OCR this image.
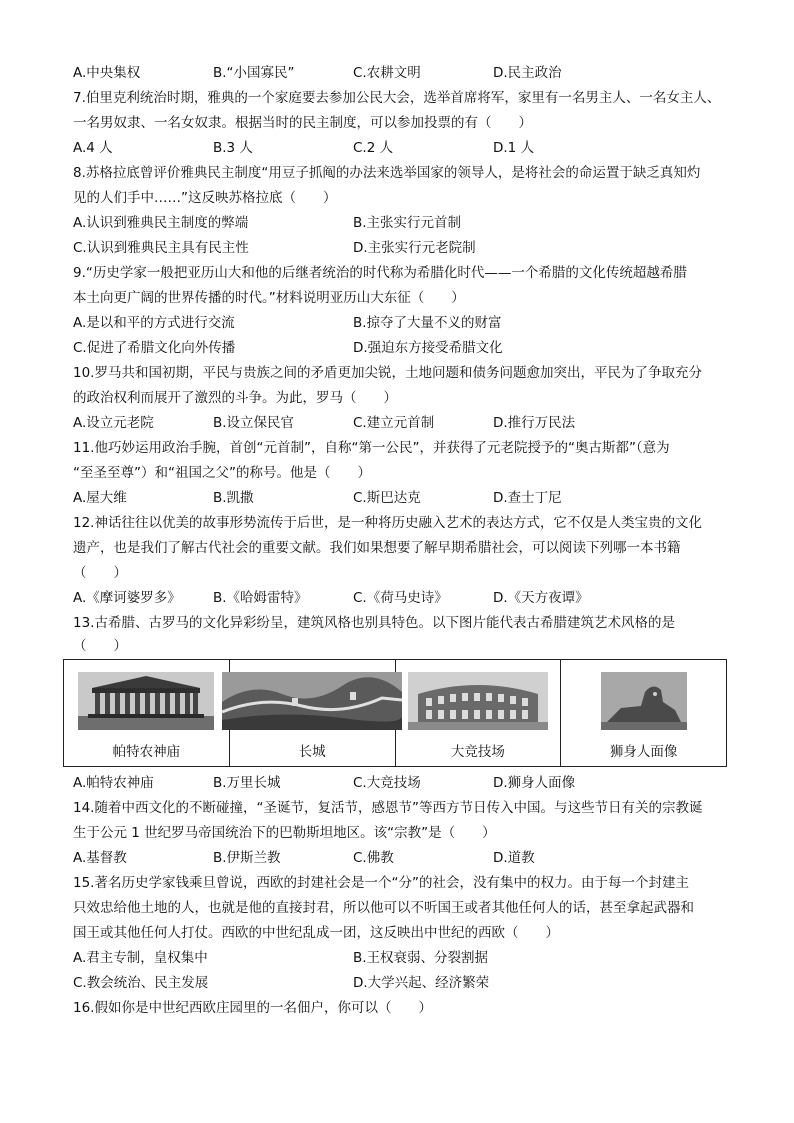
A.中央集权	B.“小国寡民”	C.农耕文明	D.民主政治
7.伯里克利统治时期，雅典的一个家庭要去参加公民大会，选举首席将军，家里有一名男主人、一名女主人、
一名男奴隶、一名女奴隶。根据当时的民主制度，可以参加投票的有（　　）
A.4 人	B.3 人	C.2 人	D.1 人
8.苏格拉底曾评价雅典民主制度“用豆子抓阄的办法来选举国家的领导人，是将社会的命运置于缺乏真知灼
见的人们手中……”这反映苏格拉底（　　）
A.认识到雅典民主制度的弊端	B.主张实行元首制
C.认识到雅典民主具有民主性	D.主张实行元老院制
9.“历史学家一般把亚历山大和他的后继者统治的时代称为希腊化时代——一个希腊的文化传统超越希腊
本土向更广阔的世界传播的时代。”材料说明亚历山大东征（　　）
A.是以和平的方式进行交流	B.掠夺了大量不义的财富
C.促进了希腊文化向外传播	D.强迫东方接受希腊文化
10.罗马共和国初期，平民与贵族之间的矛盾更加尖锐，土地问题和债务问题愈加突出，平民为了争取充分
的政治权利而展开了激烈的斗争。为此，罗马（　　）
A.设立元老院	B.设立保民官	C.建立元首制	D.推行万民法
11.他巧妙运用政治手腕，首创“元首制”，自称“第一公民”，并获得了元老院授予的“奥古斯都”（意为
“至圣至尊”）和“祖国之父”的称号。他是（　　）
A.屋大维	B.凯撒	C.斯巴达克	D.查士丁尼
12.神话往往以优美的故事形势流传于后世，是一种将历史融入艺术的表达方式，它不仅是人类宝贵的文化
遗产，也是我们了解古代社会的重要文献。我们如果想要了解早期希腊社会，可以阅读下列哪一本书籍
（　　）
A.《摩诃婆罗多》 B.《哈姆雷特》	C.《荷马史诗》	D.《天方夜谭》
13.古希腊、古罗马的文化异彩纷呈，建筑风格也别具特色。以下图片能代表古希腊建筑艺术风格的是
（　　）
帕特农神庙	长城	大竞技场	狮身人面像
A.帕特农神庙	B.万里长城	C.大竞技场	D.狮身人面像
14.随着中西文化的不断碰撞，“圣诞节，复活节，感恩节”等西方节日传入中国。与这些节日有关的宗教诞
生于公元 1 世纪罗马帝国统治下的巴勒斯坦地区。该“宗教”是（　　）
A.基督教	B.伊斯兰教	C.佛教	D.道教
15.著名历史学家钱乘旦曾说，西欧的封建社会是一个“分”的社会，没有集中的权力。由于每一个封建主
只效忠给他土地的人，也就是他的直接封君，所以他可以不听国王或者其他任何人的话，甚至拿起武器和
国王或其他任何人打仗。西欧的中世纪乱成一团，这反映出中世纪的西欧（　　）
A.君主专制，皇权集中	B.王权衰弱、分裂割据
C.教会统治、民主发展	D.大学兴起、经济繁荣
16.假如你是中世纪西欧庄园里的一名佃户，你可以（　　）
